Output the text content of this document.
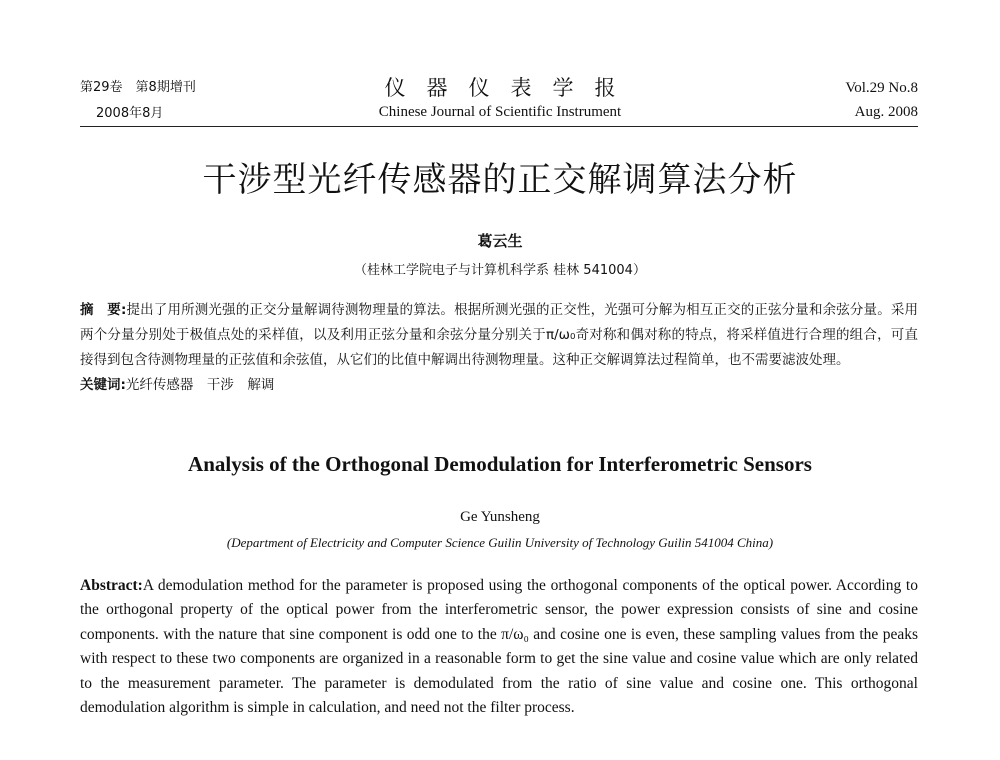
第29卷　第8期增刊
2008年8月
仪　器　仪　表　学　报
Chinese Journal of Scientific Instrument
Vol.29 No.8
Aug. 2008
干涉型光纤传感器的正交解调算法分析
葛云生
（桂林工学院电子与计算机科学系 桂林 541004）
摘　要:提出了用所测光强的正交分量解调待测物理量的算法。根据所测光强的正交性，光强可分解为相互正交的正弦分量和余弦分量。采用两个分量分别处于极值点处的采样值，以及利用正弦分量和余弦分量分别关于π/ω₀奇对称和偶对称的特点，将采样值进行合理的组合，可直接得到包含待测物理量的正弦值和余弦值，从它们的比值中解调出待测物理量。这种正交解调算法过程简单，也不需要滤波处理。
关键词:光纤传感器　干涉　解调
Analysis of the Orthogonal Demodulation for Interferometric Sensors
Ge Yunsheng
(Department of Electricity and Computer Science Guilin University of Technology Guilin 541004 China)
Abstract:A demodulation method for the parameter is proposed using the orthogonal components of the optical power. According to the orthogonal property of the optical power from the interferometric sensor, the power expression consists of sine and cosine components. with the nature that sine component is odd one to the π/ω₀ and cosine one is even, these sampling values from the peaks with respect to these two components are organized in a reasonable form to get the sine value and cosine value which are only related to the measurement parameter. The parameter is demodulated from the ratio of sine value and cosine one. This orthogonal demodulation algorithm is simple in calculation, and need not the filter process.
